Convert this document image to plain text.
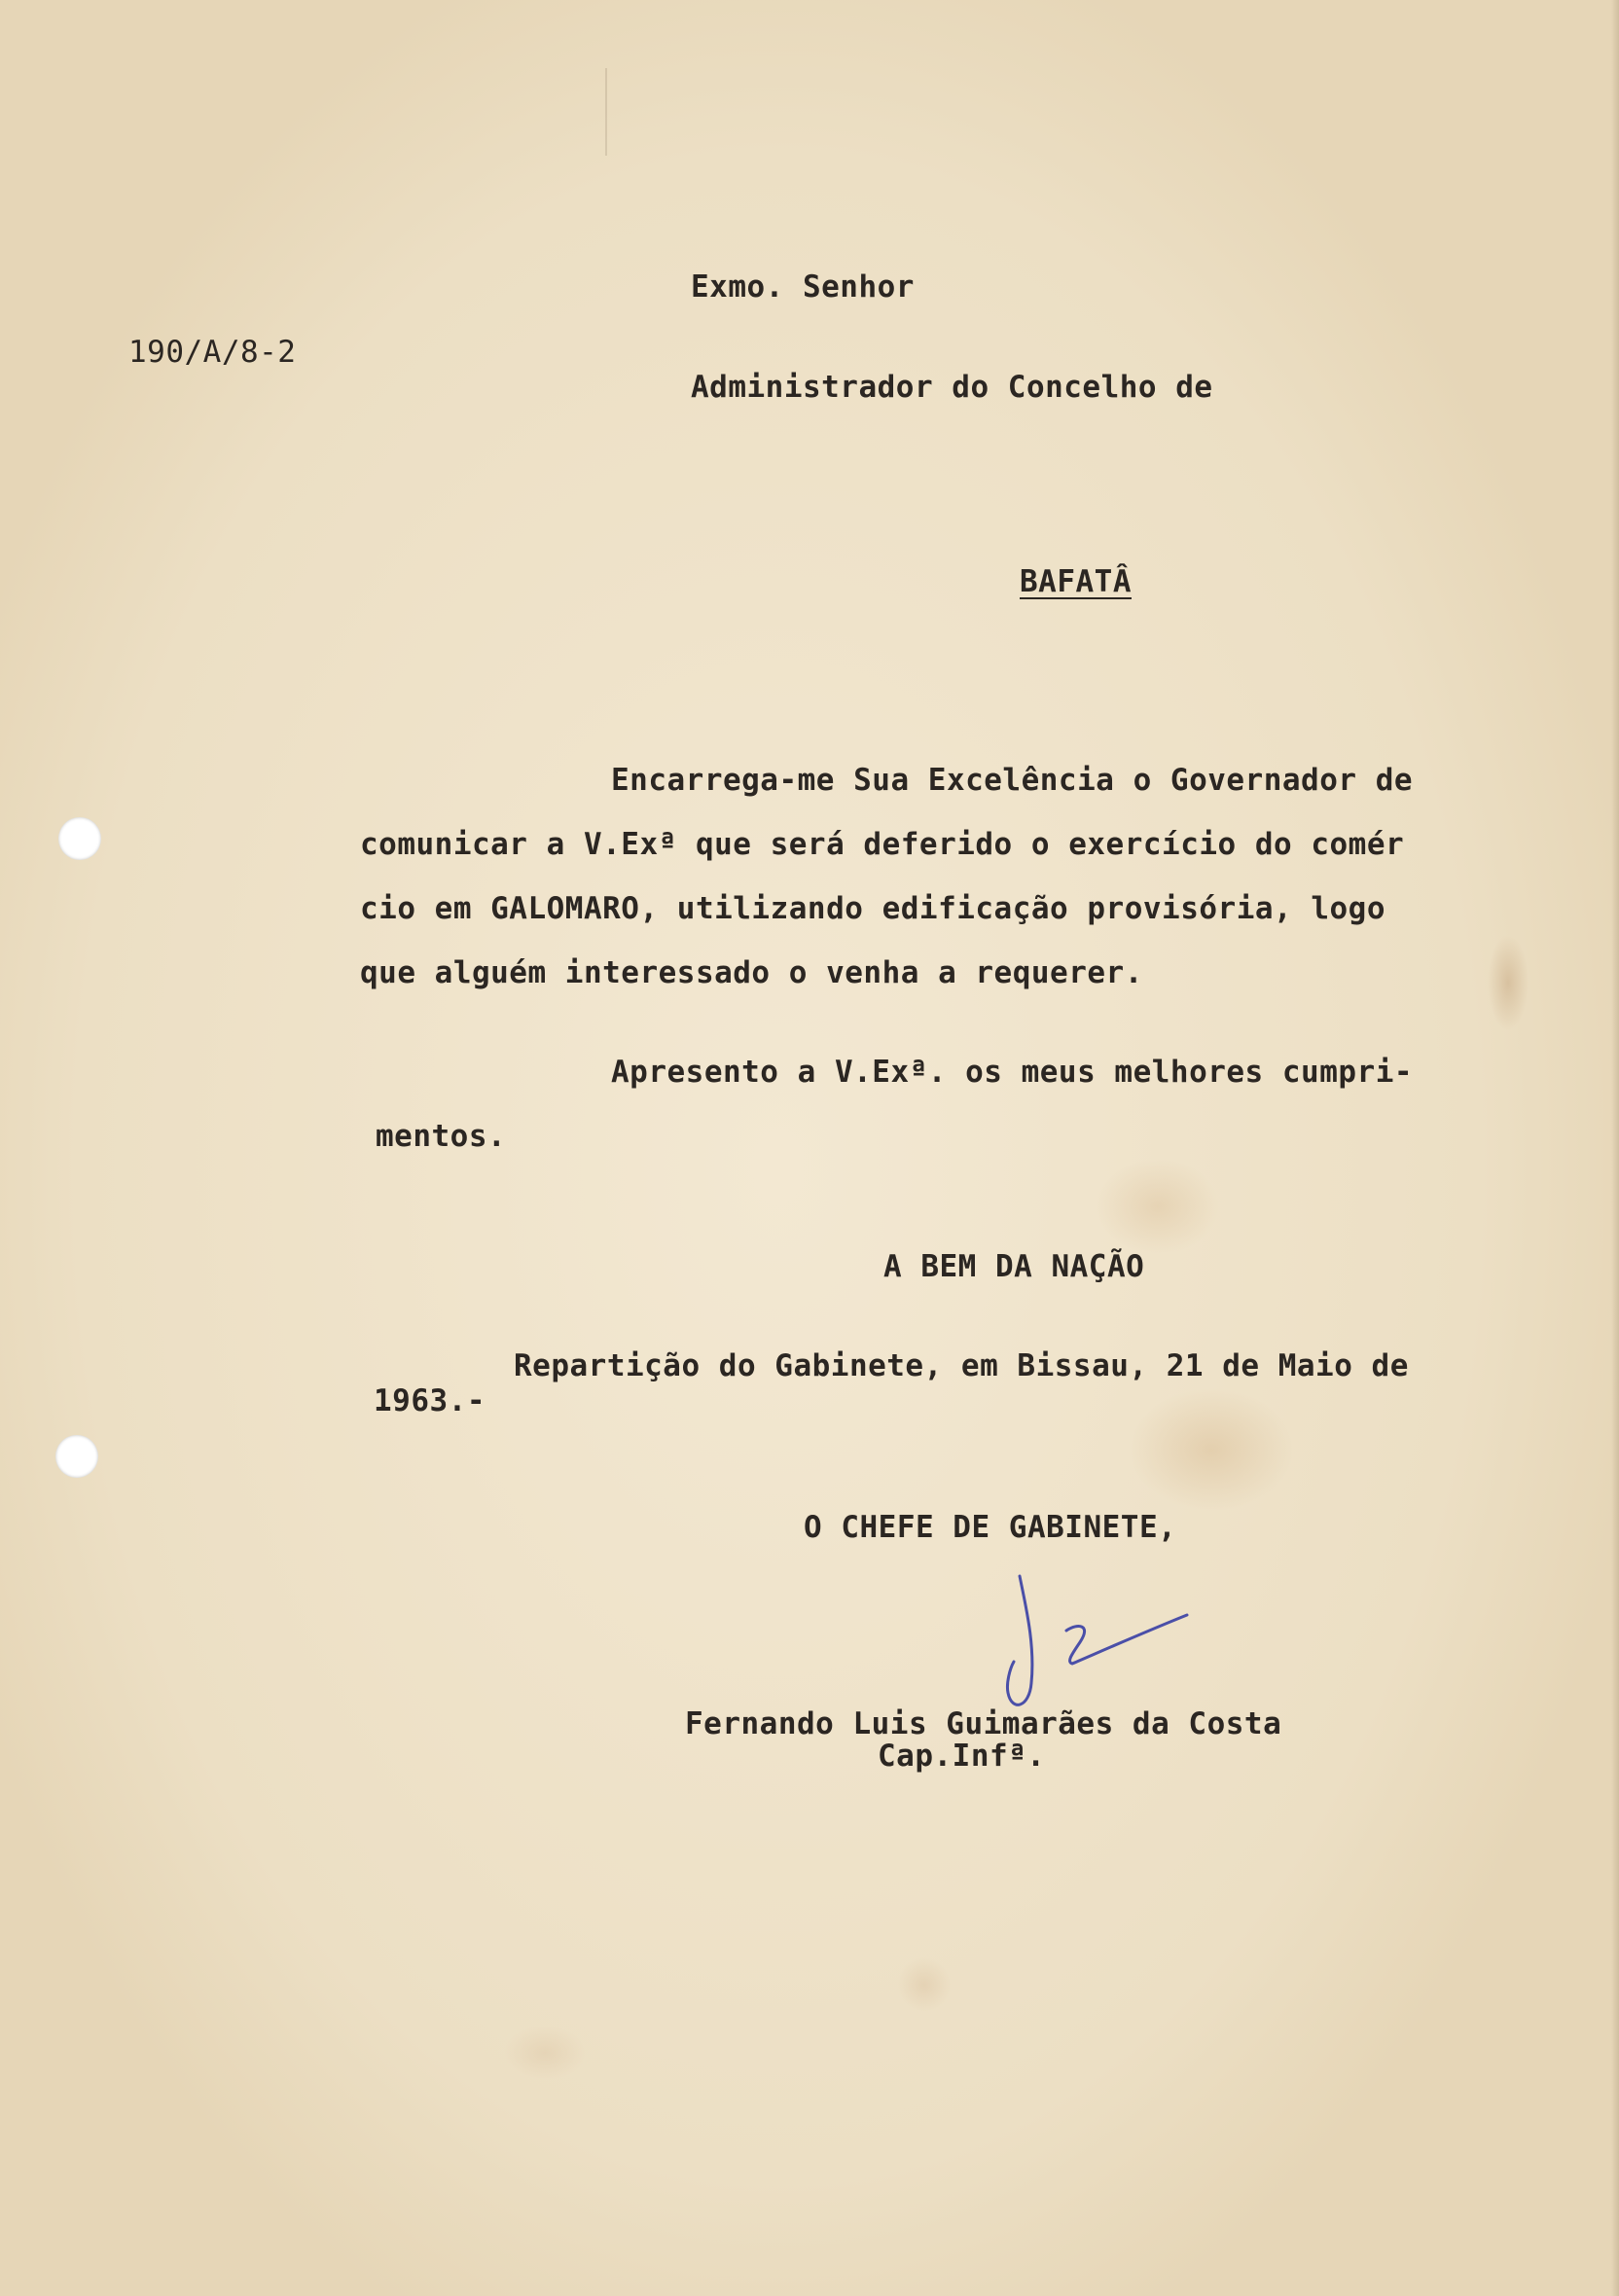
Exmo. Senhor
190/A/8-2
Administrador do Concelho de
BAFATÂ
Encarrega-me Sua Excelência o Governador de
comunicar a V.Exª que será deferido o exercício do comér
cio em GALOMARO, utilizando edificação provisória, logo
que alguém interessado o venha a requerer.
Apresento a V.Exª. os meus melhores cumpri-
mentos.
A BEM DA NAÇÃO
Repartição do Gabinete, em Bissau, 21 de Maio de
1963.-
O CHEFE DE GABINETE,
Fernando Luis Guimarães da Costa
Cap.Infª.
